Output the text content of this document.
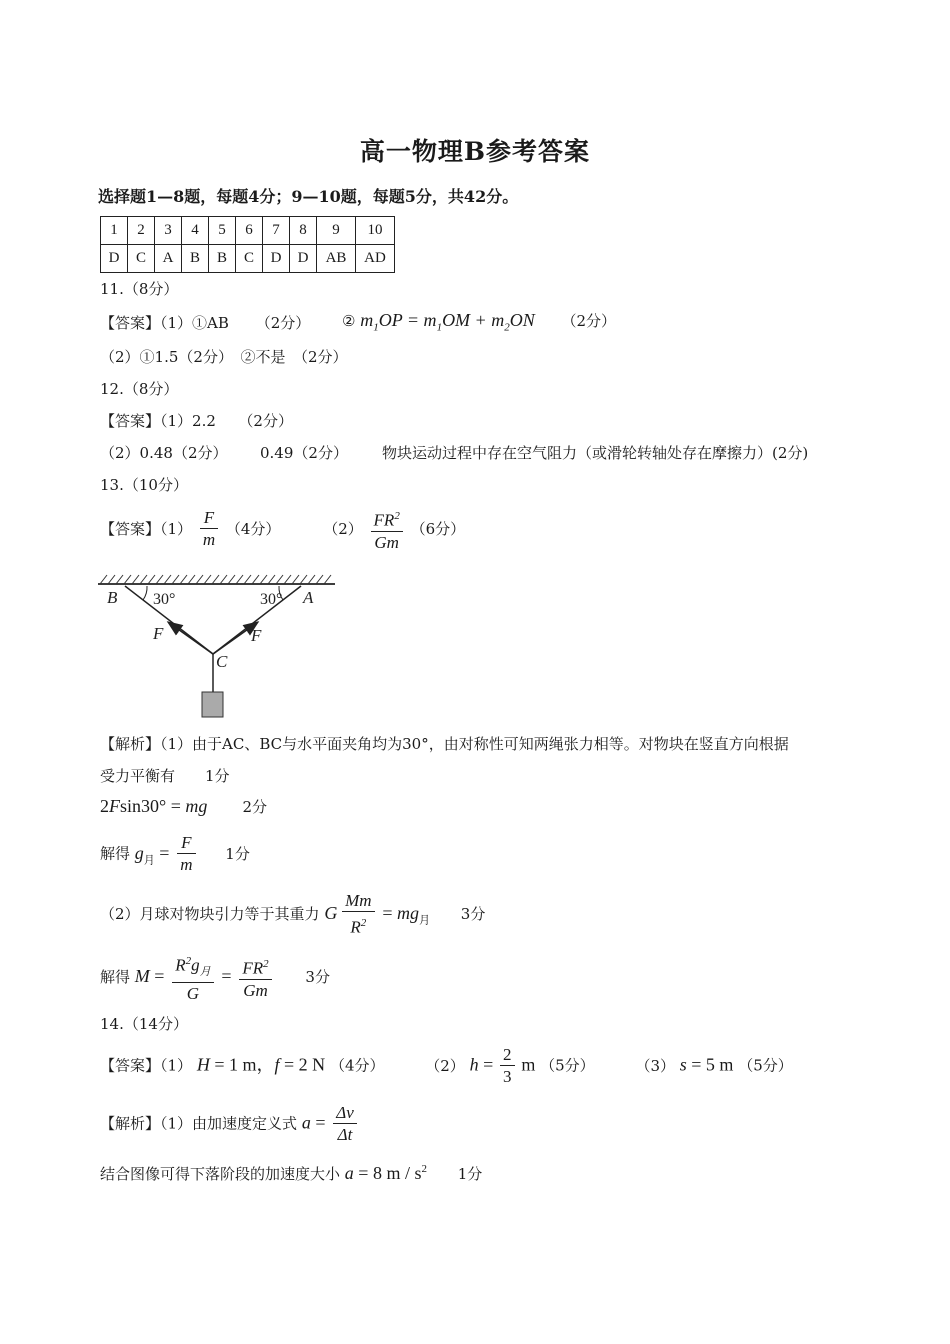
高一物理B参考答案
选择题1—8题，每题4分；9—10题，每题5分，共42分。
1	2	3	4	5	6	7	8	9	10
D	C	A	B	B	C	D	D	AB	AD
11.（8分）
【答案】（1）①AB （2分） ② $m_1OP = m_1OM + m_2ON$ （2分）
（2）①1.5（2分）　②不是　（2分）
12.（8分）
【答案】（1）2.2　　（2分）
（2）0.48（2分） 0.49（2分） 物块运动过程中存在空气阻力（或滑轮转轴处存在摩擦力）(2分)
13.（10分）
【答案】$(1) \frac{F}{m} (4$分）	$(2) \frac{FR^2}{Gm} (6$分）
B	A
30°	30°
F	F
C
【解析】（1）由于AC、BC与水平面夹角均为30°，由对称性可知两绳张力相等。对物块在竖直方向根据
受力平衡有　　1分
2Fsin30° = mg 2分
解得 $g_月 = \frac{F}{m} 1$分
（2）月球对物块引力等于其重力 G $\frac{Mm}{R^2} = mg_月$ 3分
解得 $M = \frac{R^2g_月}{G} = \frac{FR^2}{Gm} 3$分
14.（14分）
【答案】（1） H = 1 m，f = 2 N （4分）	（2） $h = \frac{2}{3}$ m （5分）	（3） s = 5 m （5分）
【解析】（1）由加速度定义式 $a = \frac{\Delta v}{\Delta t}$
结合图像可得下落阶段的加速度大小 a = 8 m / $s^2$ 1分
